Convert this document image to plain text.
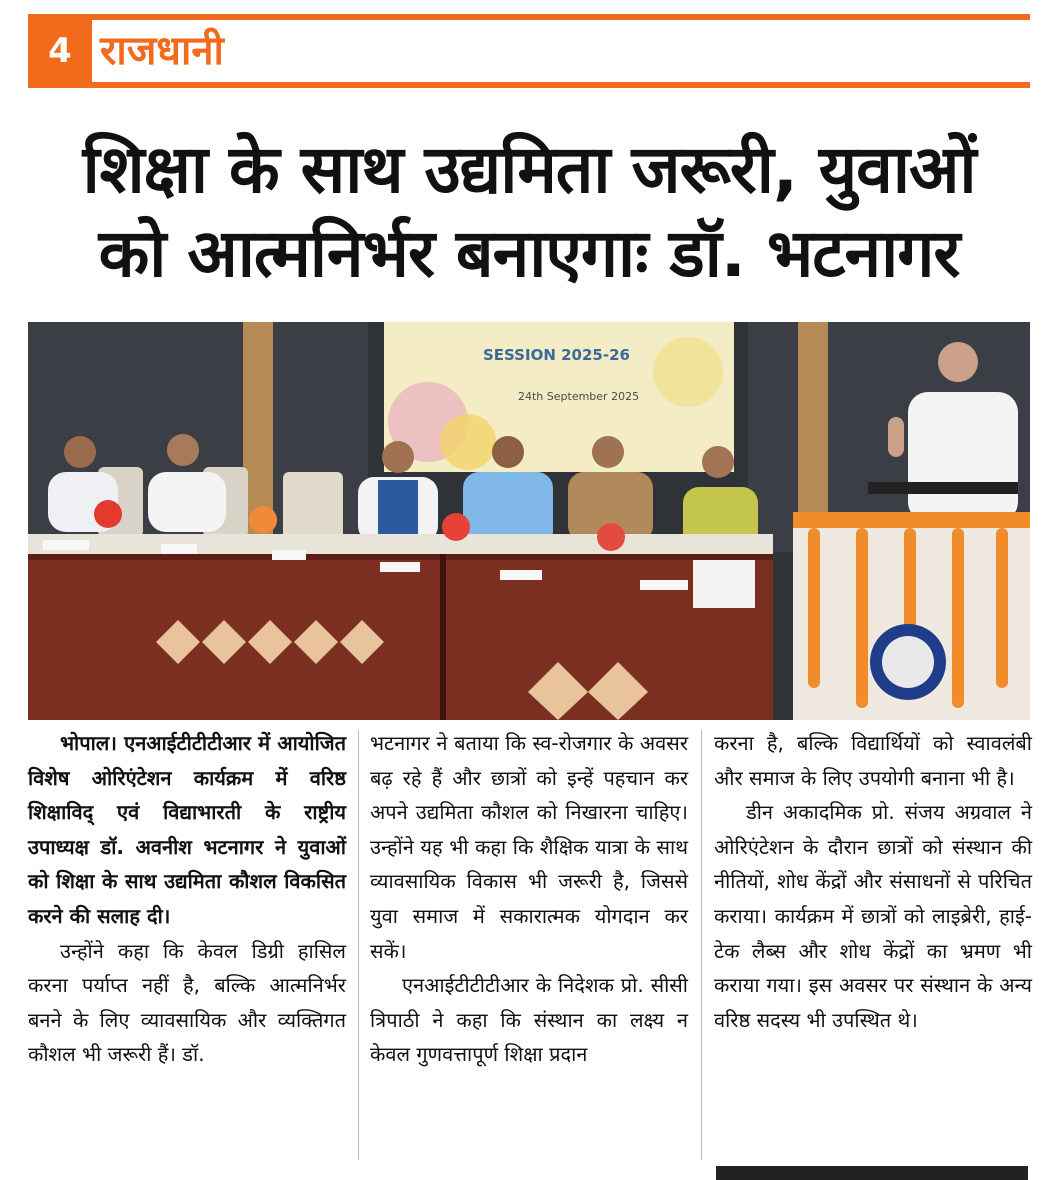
4 राजधानी
शिक्षा के साथ उद्यमिता जरूरी, युवाओं
को आत्मनिर्भर बनाएगाः डॉ. भटनागर
SESSION 2025-26
24th September 2025

भोपाल। एनआईटीटीटीआर में आयोजित विशेष ओरिएंटेशन कार्यक्रम में वरिष्ठ शिक्षाविद् एवं विद्याभारती के राष्ट्रीय उपाध्यक्ष डॉ. अवनीश भटनागर ने युवाओं को शिक्षा के साथ उद्यमिता कौशल विकसित करने की सलाह दी।

उन्होंने कहा कि केवल डिग्री हासिल करना पर्याप्त नहीं है, बल्कि आत्मनिर्भर बनने के लिए व्यावसायिक और व्यक्तिगत कौशल भी जरूरी हैं। डॉ.

भटनागर ने बताया कि स्व-रोजगार के अवसर बढ़ रहे हैं और छात्रों को इन्हें पहचान कर अपने उद्यमिता कौशल को निखारना चाहिए। उन्होंने यह भी कहा कि शैक्षिक यात्रा के साथ व्यावसायिक विकास भी जरूरी है, जिससे युवा समाज में सकारात्मक योगदान कर सकें।

एनआईटीटीटीआर के निदेशक प्रो. सीसी त्रिपाठी ने कहा कि संस्थान का लक्ष्य न केवल गुणवत्तापूर्ण शिक्षा प्रदान

करना है, बल्कि विद्यार्थियों को स्वावलंबी और समाज के लिए उपयोगी बनाना भी है।

डीन अकादमिक प्रो. संजय अग्रवाल ने ओरिएंटेशन के दौरान छात्रों को संस्थान की नीतियों, शोध केंद्रों और संसाधनों से परिचित कराया। कार्यक्रम में छात्रों को लाइब्रेरी, हाई-टेक लैब्स और शोध केंद्रों का भ्रमण भी कराया गया। इस अवसर पर संस्थान के अन्य वरिष्ठ सदस्य भी उपस्थित थे।
